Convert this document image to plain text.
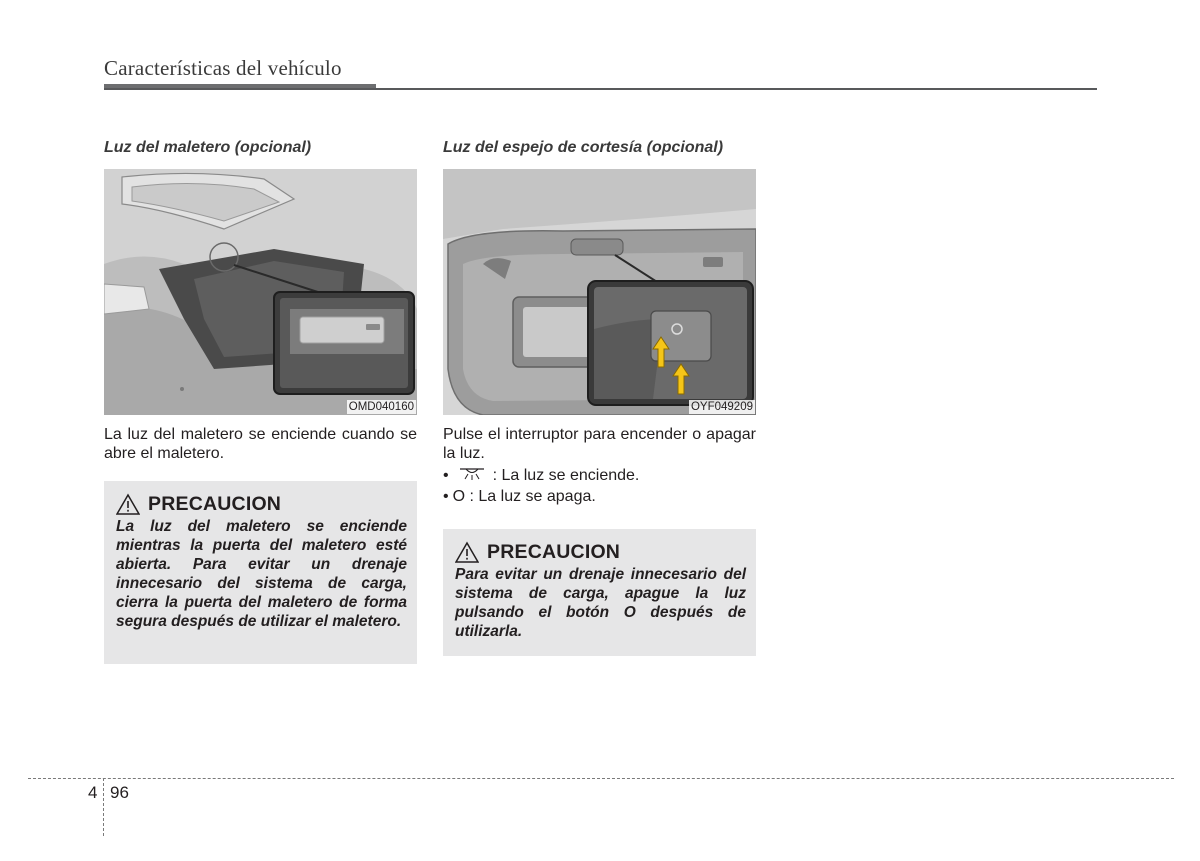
Características del vehículo
Luz del maletero (opcional)
OMD040160
La luz del maletero se enciende cuando se abre el maletero.
PRECAUCION
La luz del maletero se enciende mientras la puerta del maletero esté abierta. Para evitar un drenaje innecesario del sistema de carga, cierra la puerta del maletero de forma segura después de utilizar el maletero.
Luz del espejo de cortesía (opcional)
OYF049209
Pulse el interruptor para encender o apagar la luz.
•	: La luz se enciende.
• O : La luz se apaga.
PRECAUCION
Para evitar un drenaje innecesario del sistema de carga, apague la luz pulsando el botón O después de utilizarla.
4 96
